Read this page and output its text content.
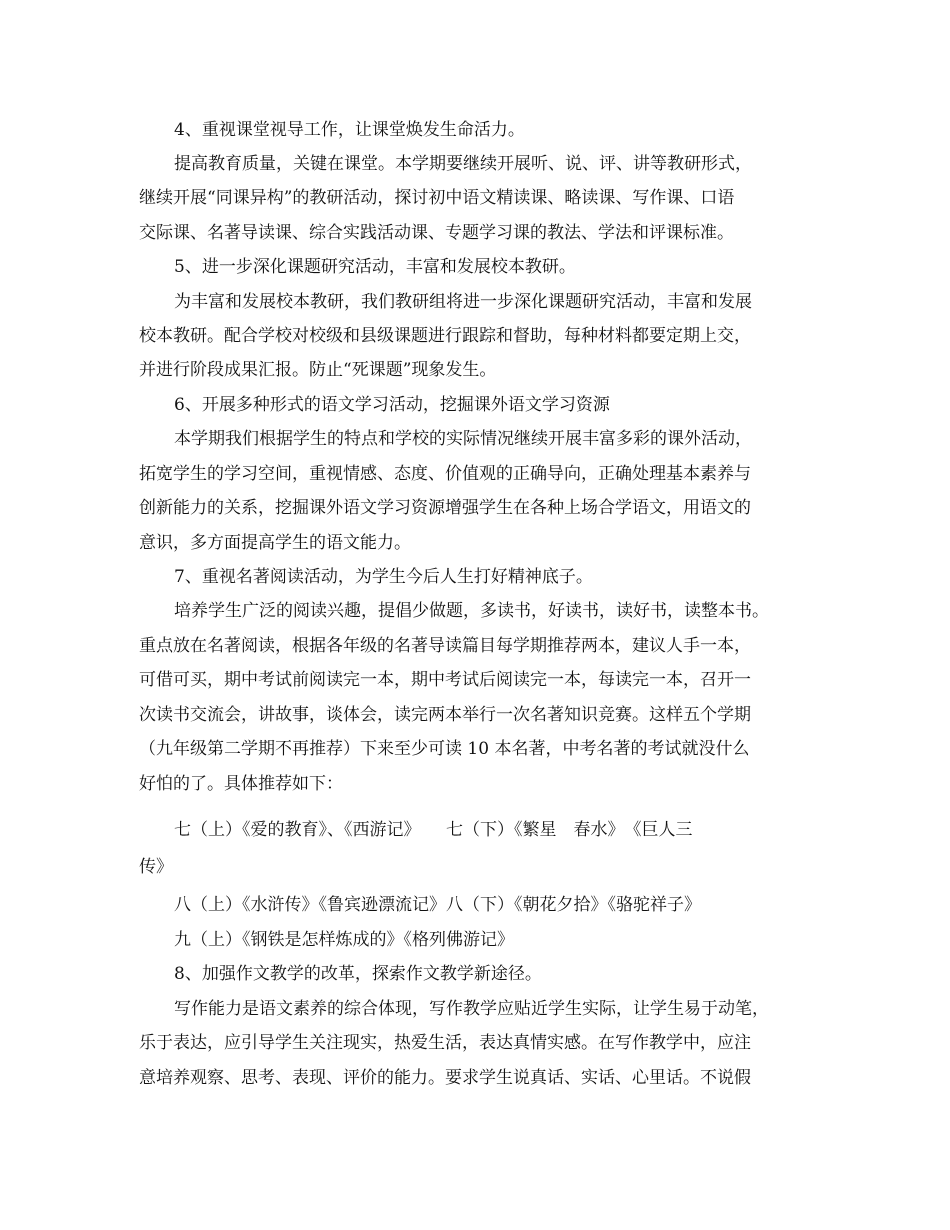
4、重视课堂视导工作，让课堂焕发生命活力。
提高教育质量，关键在课堂。本学期要继续开展听、说、评、讲等教研形式，
继续开展“同课异构”的教研活动，探讨初中语文精读课、略读课、写作课、口语
交际课、名著导读课、综合实践活动课、专题学习课的教法、学法和评课标准。
5、进一步深化课题研究活动，丰富和发展校本教研。
为丰富和发展校本教研，我们教研组将进一步深化课题研究活动，丰富和发展
校本教研。配合学校对校级和县级课题进行跟踪和督助，每种材料都要定期上交，
并进行阶段成果汇报。防止“死课题”现象发生。
6、开展多种形式的语文学习活动，挖掘课外语文学习资源
本学期我们根据学生的特点和学校的实际情况继续开展丰富多彩的课外活动，
拓宽学生的学习空间，重视情感、态度、价值观的正确导向，正确处理基本素养与
创新能力的关系，挖掘课外语文学习资源增强学生在各种上场合学语文，用语文的
意识，多方面提高学生的语文能力。
7、重视名著阅读活动，为学生今后人生打好精神底子。
培养学生广泛的阅读兴趣，提倡少做题，多读书，好读书，读好书，读整本书。
重点放在名著阅读，根据各年级的名著导读篇目每学期推荐两本，建议人手一本，
可借可买，期中考试前阅读完一本，期中考试后阅读完一本，每读完一本，召开一
次读书交流会，讲故事，谈体会，读完两本举行一次名著知识竞赛。这样五个学期
（九年级第二学期不再推荐）下来至少可读 10 本名著，中考名著的考试就没什么
好怕的了。具体推荐如下：
七（上）《爱的教育》、《西游记》　　七（下）《繁星　春水》　《巨人三
传》
八（上）《水浒传》《鲁宾逊漂流记》八（下）《朝花夕拾》《骆驼祥子》
九（上）《钢铁是怎样炼成的》《格列佛游记》
8、加强作文教学的改革，探索作文教学新途径。
写作能力是语文素养的综合体现，写作教学应贴近学生实际，让学生易于动笔，
乐于表达，应引导学生关注现实，热爱生活，表达真情实感。在写作教学中，应注
意培养观察、思考、表现、评价的能力。要求学生说真话、实话、心里话。不说假
